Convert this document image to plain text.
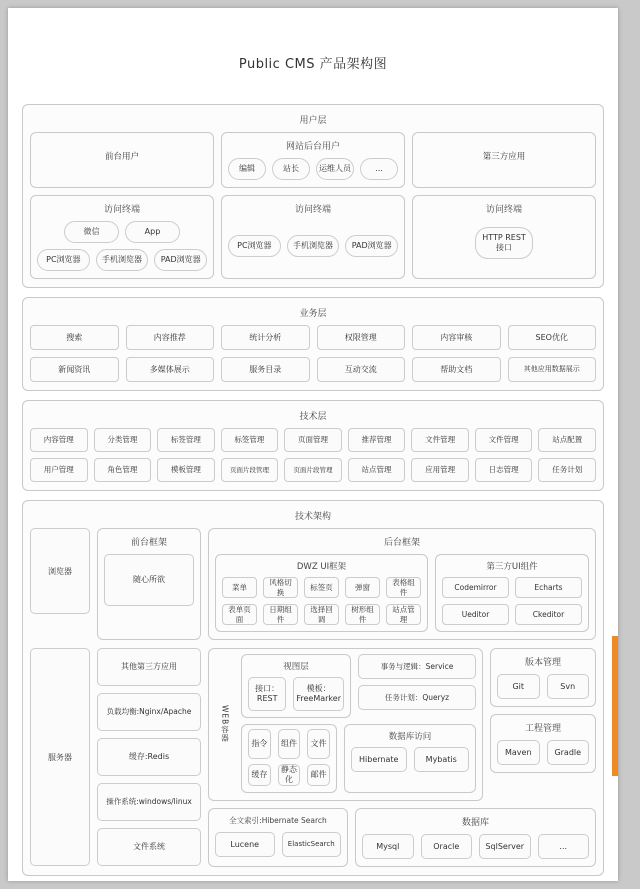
Public CMS 产品架构图
用户层
前台用户
网站后台用户
编辑	站长	运维人员	...
第三方应用
访问终端
微信	App
PC浏览器	手机浏览器	PAD浏览器
访问终端
PC浏览器	手机浏览器	PAD浏览器
访问终端
HTTP REST 接口
业务层
搜索	内容推荐	统计分析	权限管理	内容审核	SEO优化
新闻资讯	多媒体展示	服务目录	互动交流	帮助文档	其他应用数据展示
技术层
内容管理	分类管理	标签管理	标签管理	页面管理	推荐管理	文件管理	文件管理	站点配置
用户管理	角色管理	模板管理	页面片段管理	页面片段管理	站点管理	应用管理	日志管理	任务计划
技术架构
浏览器
前台框架
随心所欲
后台框架
DWZ UI框架
菜单
风格切换
标签页	弹窗
表格组件
表单页面
日期组件
选择回调
树形组件
站点管理
第三方UI组件
Codemirror	Echarts
Ueditor	Ckeditor
服务器
其他第三方应用
负载均衡:Nginx/Apache
缓存:Redis
操作系统:windows/linux
文件系统
WEB容器
视图层
接口：REST
模板：FreeMarker
事务与逻辑：Service
任务计划：Queryz
指令	组件	文件
缓存
静态化
邮件
数据库访问
Hibernate	Mybatis
版本管理
Git	Svn
工程管理
Maven	Gradle
全文索引:Hibernate Search
Lucene	ElasticSearch
数据库
Mysql	Oracle	SqlServer	...
